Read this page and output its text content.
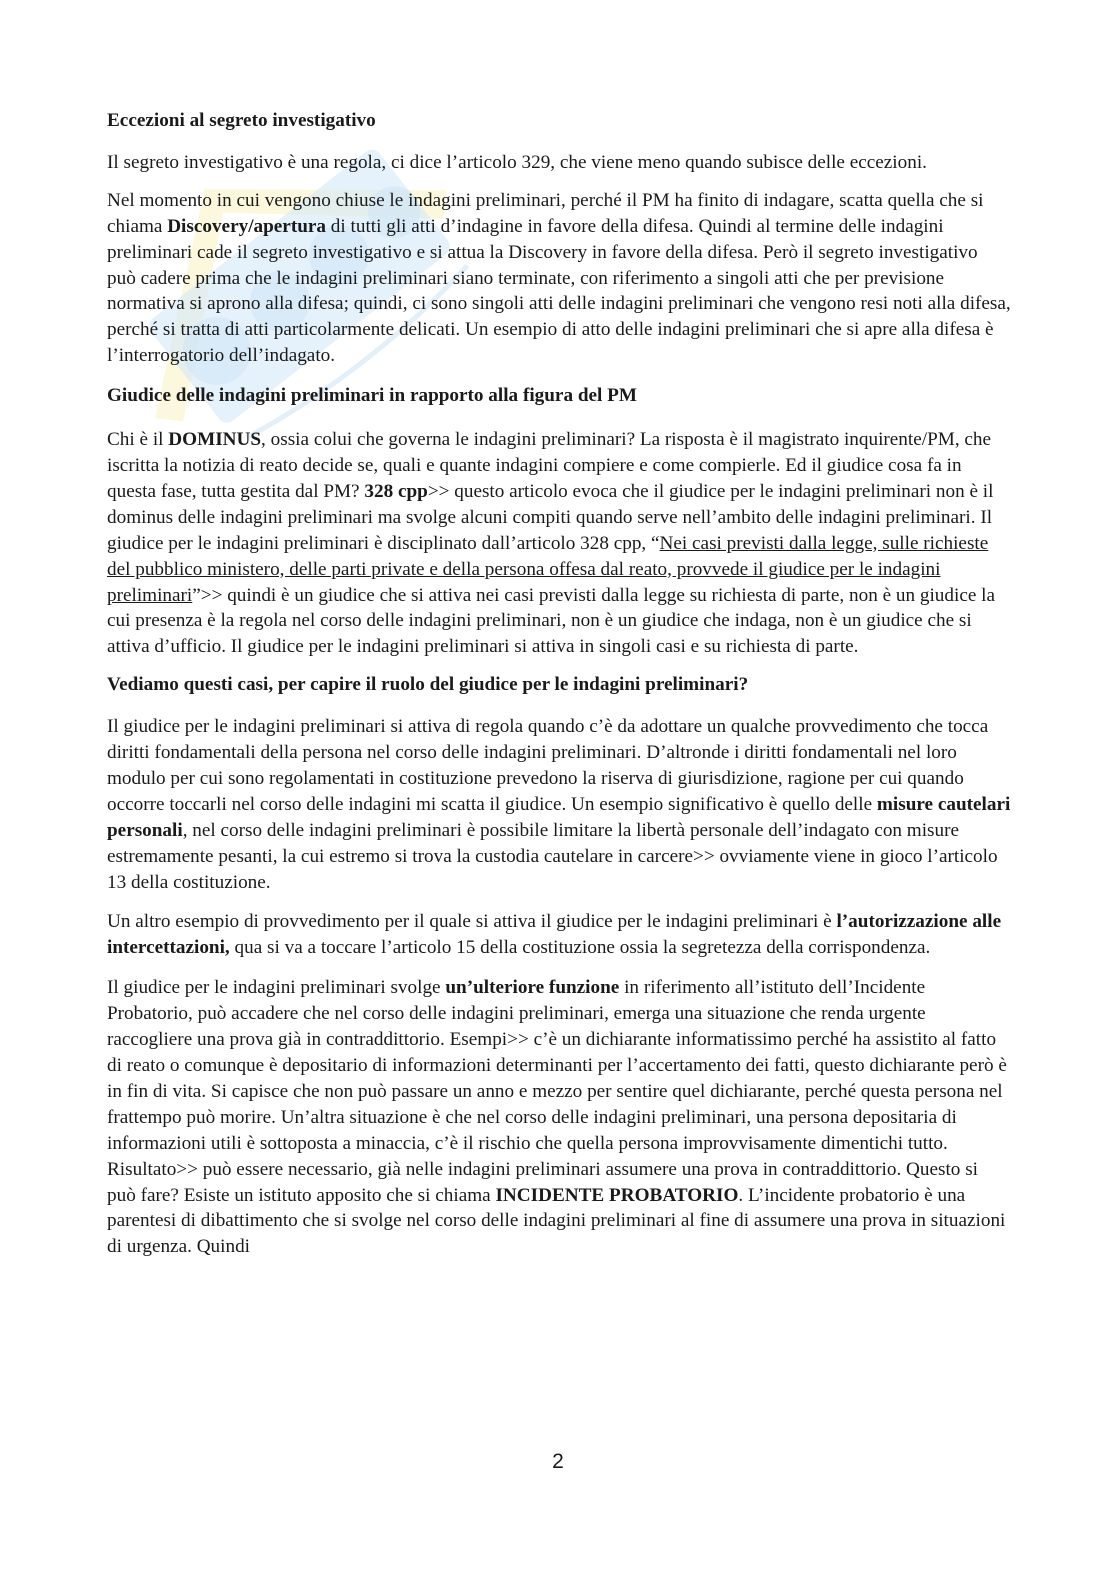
Eccezioni al segreto investigativo

Il segreto investigativo è una regola, ci dice l’articolo 329, che viene meno quando subisce delle eccezioni.

Nel momento in cui vengono chiuse le indagini preliminari, perché il PM ha finito di indagare, scatta quella che si chiama Discovery/apertura di tutti gli atti d’indagine in favore della difesa. Quindi al termine delle indagini preliminari cade il segreto investigativo e si attua la Discovery in favore della difesa. Però il segreto investigativo può cadere prima che le indagini preliminari siano terminate, con riferimento a singoli atti che per previsione normativa si aprono alla difesa; quindi, ci sono singoli atti delle indagini preliminari che vengono resi noti alla difesa, perché si tratta di atti particolarmente delicati. Un esempio di atto delle indagini preliminari che si apre alla difesa è l’interrogatorio dell’indagato.

Giudice delle indagini preliminari in rapporto alla figura del PM

Chi è il DOMINUS, ossia colui che governa le indagini preliminari? La risposta è il magistrato inquirente/PM, che iscritta la notizia di reato decide se, quali e quante indagini compiere e come compierle. Ed il giudice cosa fa in questa fase, tutta gestita dal PM? 328 cpp>> questo articolo evoca che il giudice per le indagini preliminari non è il dominus delle indagini preliminari ma svolge alcuni compiti quando serve nell’ambito delle indagini preliminari. Il giudice per le indagini preliminari è disciplinato dall’articolo 328 cpp, “Nei casi previsti dalla legge, sulle richieste del pubblico ministero, delle parti private e della persona offesa dal reato, provvede il giudice per le indagini preliminari”>> quindi è un giudice che si attiva nei casi previsti dalla legge su richiesta di parte, non è un giudice la cui presenza è la regola nel corso delle indagini preliminari, non è un giudice che indaga, non è un giudice che si attiva d’ufficio. Il giudice per le indagini preliminari si attiva in singoli casi e su richiesta di parte.

Vediamo questi casi, per capire il ruolo del giudice per le indagini preliminari?

Il giudice per le indagini preliminari si attiva di regola quando c’è da adottare un qualche provvedimento che tocca diritti fondamentali della persona nel corso delle indagini preliminari. D’altronde i diritti fondamentali nel loro modulo per cui sono regolamentati in costituzione prevedono la riserva di giurisdizione, ragione per cui quando occorre toccarli nel corso delle indagini mi scatta il giudice. Un esempio significativo è quello delle misure cautelari personali, nel corso delle indagini preliminari è possibile limitare la libertà personale dell’indagato con misure estremamente pesanti, la cui estremo si trova la custodia cautelare in carcere>> ovviamente viene in gioco l’articolo 13 della costituzione.

Un altro esempio di provvedimento per il quale si attiva il giudice per le indagini preliminari è l’autorizzazione alle intercettazioni, qua si va a toccare l’articolo 15 della costituzione ossia la segretezza della corrispondenza.

Il giudice per le indagini preliminari svolge un’ulteriore funzione in riferimento all’istituto dell’Incidente Probatorio, può accadere che nel corso delle indagini preliminari, emerga una situazione che renda urgente raccogliere una prova già in contraddittorio. Esempi>> c’è un dichiarante informatissimo perché ha assistito al fatto di reato o comunque è depositario di informazioni determinanti per l’accertamento dei fatti, questo dichiarante però è in fin di vita. Si capisce che non può passare un anno e mezzo per sentire quel dichiarante, perché questa persona nel frattempo può morire. Un’altra situazione è che nel corso delle indagini preliminari, una persona depositaria di informazioni utili è sottoposta a minaccia, c’è il rischio che quella persona improvvisamente dimentichi tutto. Risultato>> può essere necessario, già nelle indagini preliminari assumere una prova in contraddittorio. Questo si può fare? Esiste un istituto apposito che si chiama INCIDENTE PROBATORIO. L’incidente probatorio è una parentesi di dibattimento che si svolge nel corso delle indagini preliminari al fine di assumere una prova in situazioni di urgenza. Quindi

2
